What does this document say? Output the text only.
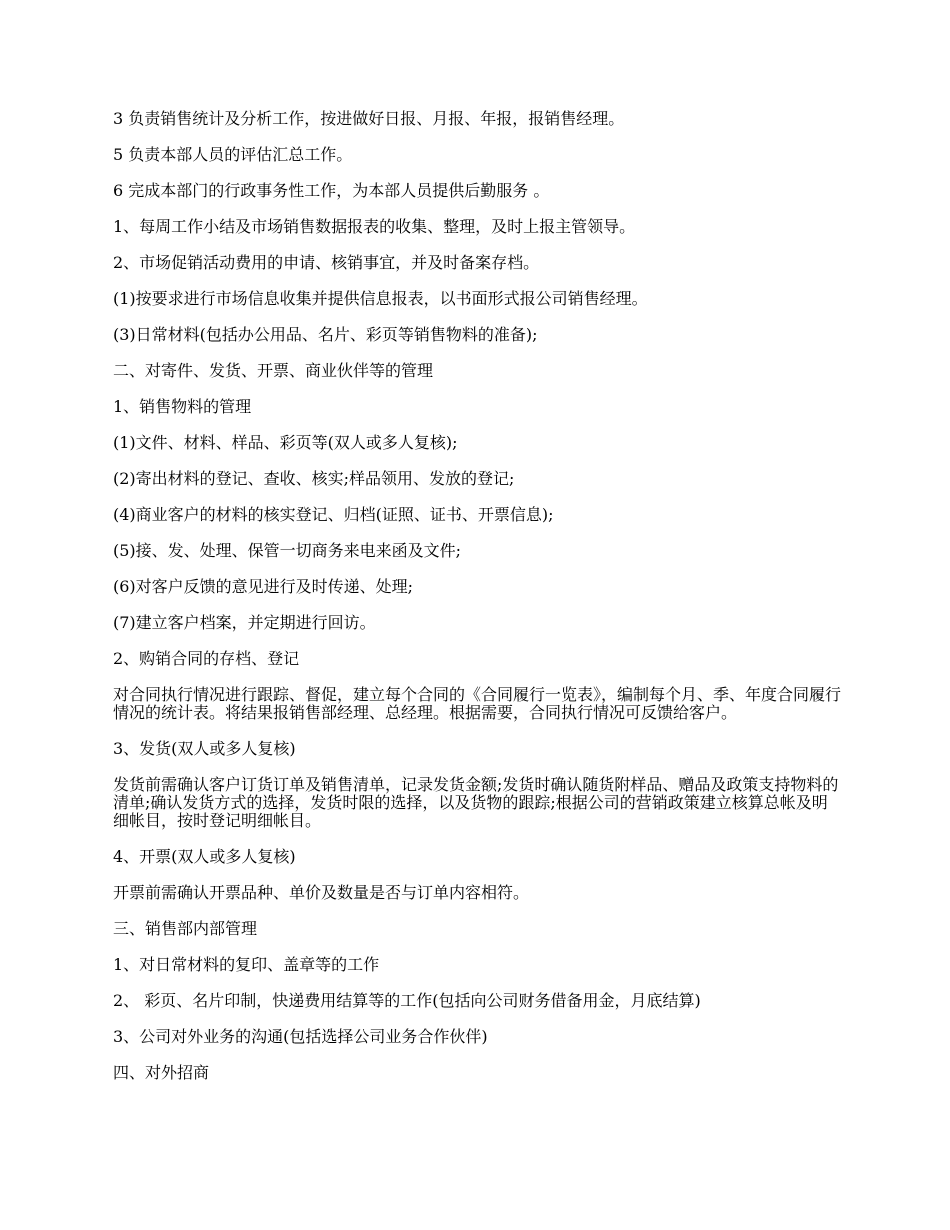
3 负责销售统计及分析工作，按进做好日报、月报、年报，报销售经理。

5 负责本部人员的评估汇总工作。

6 完成本部门的行政事务性工作，为本部人员提供后勤服务 。

1、每周工作小结及市场销售数据报表的收集、整理，及时上报主管领导。

2、市场促销活动费用的申请、核销事宜，并及时备案存档。

(1)按要求进行市场信息收集并提供信息报表，以书面形式报公司销售经理。

(3)日常材料(包括办公用品、名片、彩页等销售物料的准备);

二、对寄件、发货、开票、商业伙伴等的管理

1、销售物料的管理

(1)文件、材料、样品、彩页等(双人或多人复核);

(2)寄出材料的登记、查收、核实;样品领用、发放的登记;

(4)商业客户的材料的核实登记、归档(证照、证书、开票信息);

(5)接、发、处理、保管一切商务来电来函及文件;

(6)对客户反馈的意见进行及时传递、处理;

(7)建立客户档案，并定期进行回访。

2、购销合同的存档、登记

对合同执行情况进行跟踪、督促，建立每个合同的《合同履行一览表》，编制每个月、季、年度合同履行情况的统计表。将结果报销售部经理、总经理。根据需要，合同执行情况可反馈给客户。

3、发货(双人或多人复核)

发货前需确认客户订货订单及销售清单，记录发货金额;发货时确认随货附样品、赠品及政策支持物料的清单;确认发货方式的选择，发货时限的选择，以及货物的跟踪;根据公司的营销政策建立核算总帐及明细帐目，按时登记明细帐目。

4、开票(双人或多人复核)

开票前需确认开票品种、单价及数量是否与订单内容相符。

三、销售部内部管理

1、对日常材料的复印、盖章等的工作

2、 彩页、名片印制，快递费用结算等的工作(包括向公司财务借备用金，月底结算)

3、公司对外业务的沟通(包括选择公司业务合作伙伴)

四、对外招商
